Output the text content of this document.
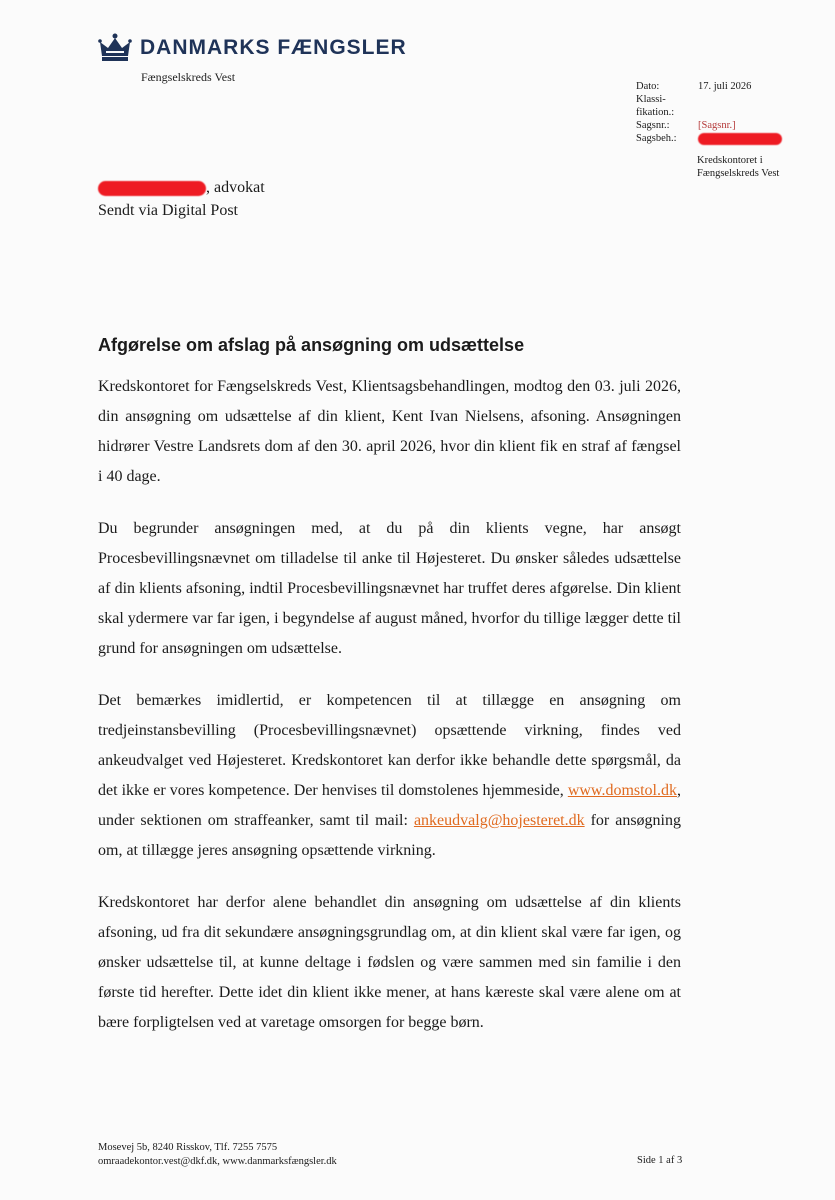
DANMARKS FÆNGSLER
Fængselskreds Vest
Dato:	17. juli 2026
Klassi-
fikation.:
Sagsnr.:	[Sagsnr.]
Sagsbeh.:
Kredskontoret i
Fængselskreds Vest
, advokat
Sendt via Digital Post
Afgørelse om afslag på ansøgning om udsættelse

Kredskontoret for Fængselskreds Vest, Klientsagsbehandlingen, modtog den 03. juli 2026, din ansøgning om udsættelse af din klient, Kent Ivan Nielsens, afsoning. Ansøgningen hidrører Vestre Landsrets dom af den 30. april 2026, hvor din klient fik en straf af fængsel i 40 dage.

Du begrunder ansøgningen med, at du på din klients vegne, har ansøgt Procesbevillingsnævnet om tilladelse til anke til Højesteret. Du ønsker således udsættelse af din klients afsoning, indtil Procesbevillingsnævnet har truffet deres afgørelse. Din klient skal ydermere var far igen, i begyndelse af august måned, hvorfor du tillige lægger dette til grund for ansøgningen om udsættelse.

Det bemærkes imidlertid, er kompetencen til at tillægge en ansøgning om tredjeinstansbevilling (Procesbevillingsnævnet) opsættende virkning, findes ved ankeudvalget ved Højesteret. Kredskontoret kan derfor ikke behandle dette spørgsmål, da det ikke er vores kompetence. Der henvises til domstolenes hjemmeside, www.domstol.dk, under sektionen om straffeanker, samt til mail: ankeudvalg@hojesteret.dk for ansøgning om, at tillægge jeres ansøgning opsættende virkning.

Kredskontoret har derfor alene behandlet din ansøgning om udsættelse af din klients afsoning, ud fra dit sekundære ansøgningsgrundlag om, at din klient skal være far igen, og ønsker udsættelse til, at kunne deltage i fødslen og være sammen med sin familie i den første tid herefter. Dette idet din klient ikke mener, at hans kæreste skal være alene om at bære forpligtelsen ved at varetage omsorgen for begge børn.

Mosevej 5b, 8240 Risskov, Tlf. 7255 7575
omraadekontor.vest@dkf.dk, www.danmarksfængsler.dk	Side 1 af 3
